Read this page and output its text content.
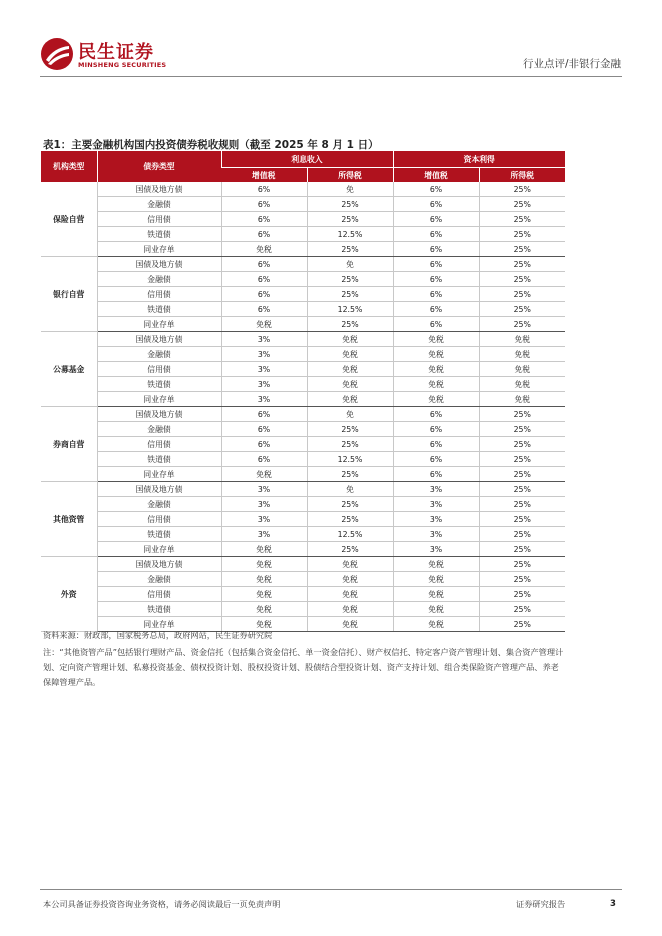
民生证券
MINSHENG SECURITIES	行业点评/非银行金融
表1：主要金融机构国内投资债券税收规则（截至 2025 年 8 月 1 日）
机构类型	债券类型	利息收入		资本利得	
		增值税	所得税	增值税	所得税
保险自营	国债及地方债	6%	免	6%	25%
	金融债	6%	25%	6%	25%
	信用债	6%	25%	6%	25%
	铁道债	6%	12.5%	6%	25%
	同业存单	免税	25%	6%	25%
银行自营	国债及地方债	6%	免	6%	25%
	金融债	6%	25%	6%	25%
	信用债	6%	25%	6%	25%
	铁道债	6%	12.5%	6%	25%
	同业存单	免税	25%	6%	25%
公募基金	国债及地方债	3%	免税	免税	免税
	金融债	3%	免税	免税	免税
	信用债	3%	免税	免税	免税
	铁道债	3%	免税	免税	免税
	同业存单	3%	免税	免税	免税
券商自营	国债及地方债	6%	免	6%	25%
	金融债	6%	25%	6%	25%
	信用债	6%	25%	6%	25%
	铁道债	6%	12.5%	6%	25%
	同业存单	免税	25%	6%	25%
其他资管	国债及地方债	3%	免	3%	25%
	金融债	3%	25%	3%	25%
	信用债	3%	25%	3%	25%
	铁道债	3%	12.5%	3%	25%
	同业存单	免税	25%	3%	25%
外资	国债及地方债	免税	免税	免税	25%
	金融债	免税	免税	免税	25%
	信用债	免税	免税	免税	25%
	铁道债	免税	免税	免税	25%
	同业存单	免税	免税	免税	25%
资料来源：财政部，国家税务总局，政府网站，民生证券研究院
注：“其他资管产品”包括银行理财产品、资金信托（包括集合资金信托、单一资金信托）、财产权信托、特定客户资产管理计划、集合资产管理计划、定向资产管理计划、私募投资基金、债权投资计划、股权投资计划、股债结合型投资计划、资产支持计划、组合类保险资产管理产品、养老保障管理产品。
本公司具备证券投资咨询业务资格，请务必阅读最后一页免责声明	证券研究报告	3
